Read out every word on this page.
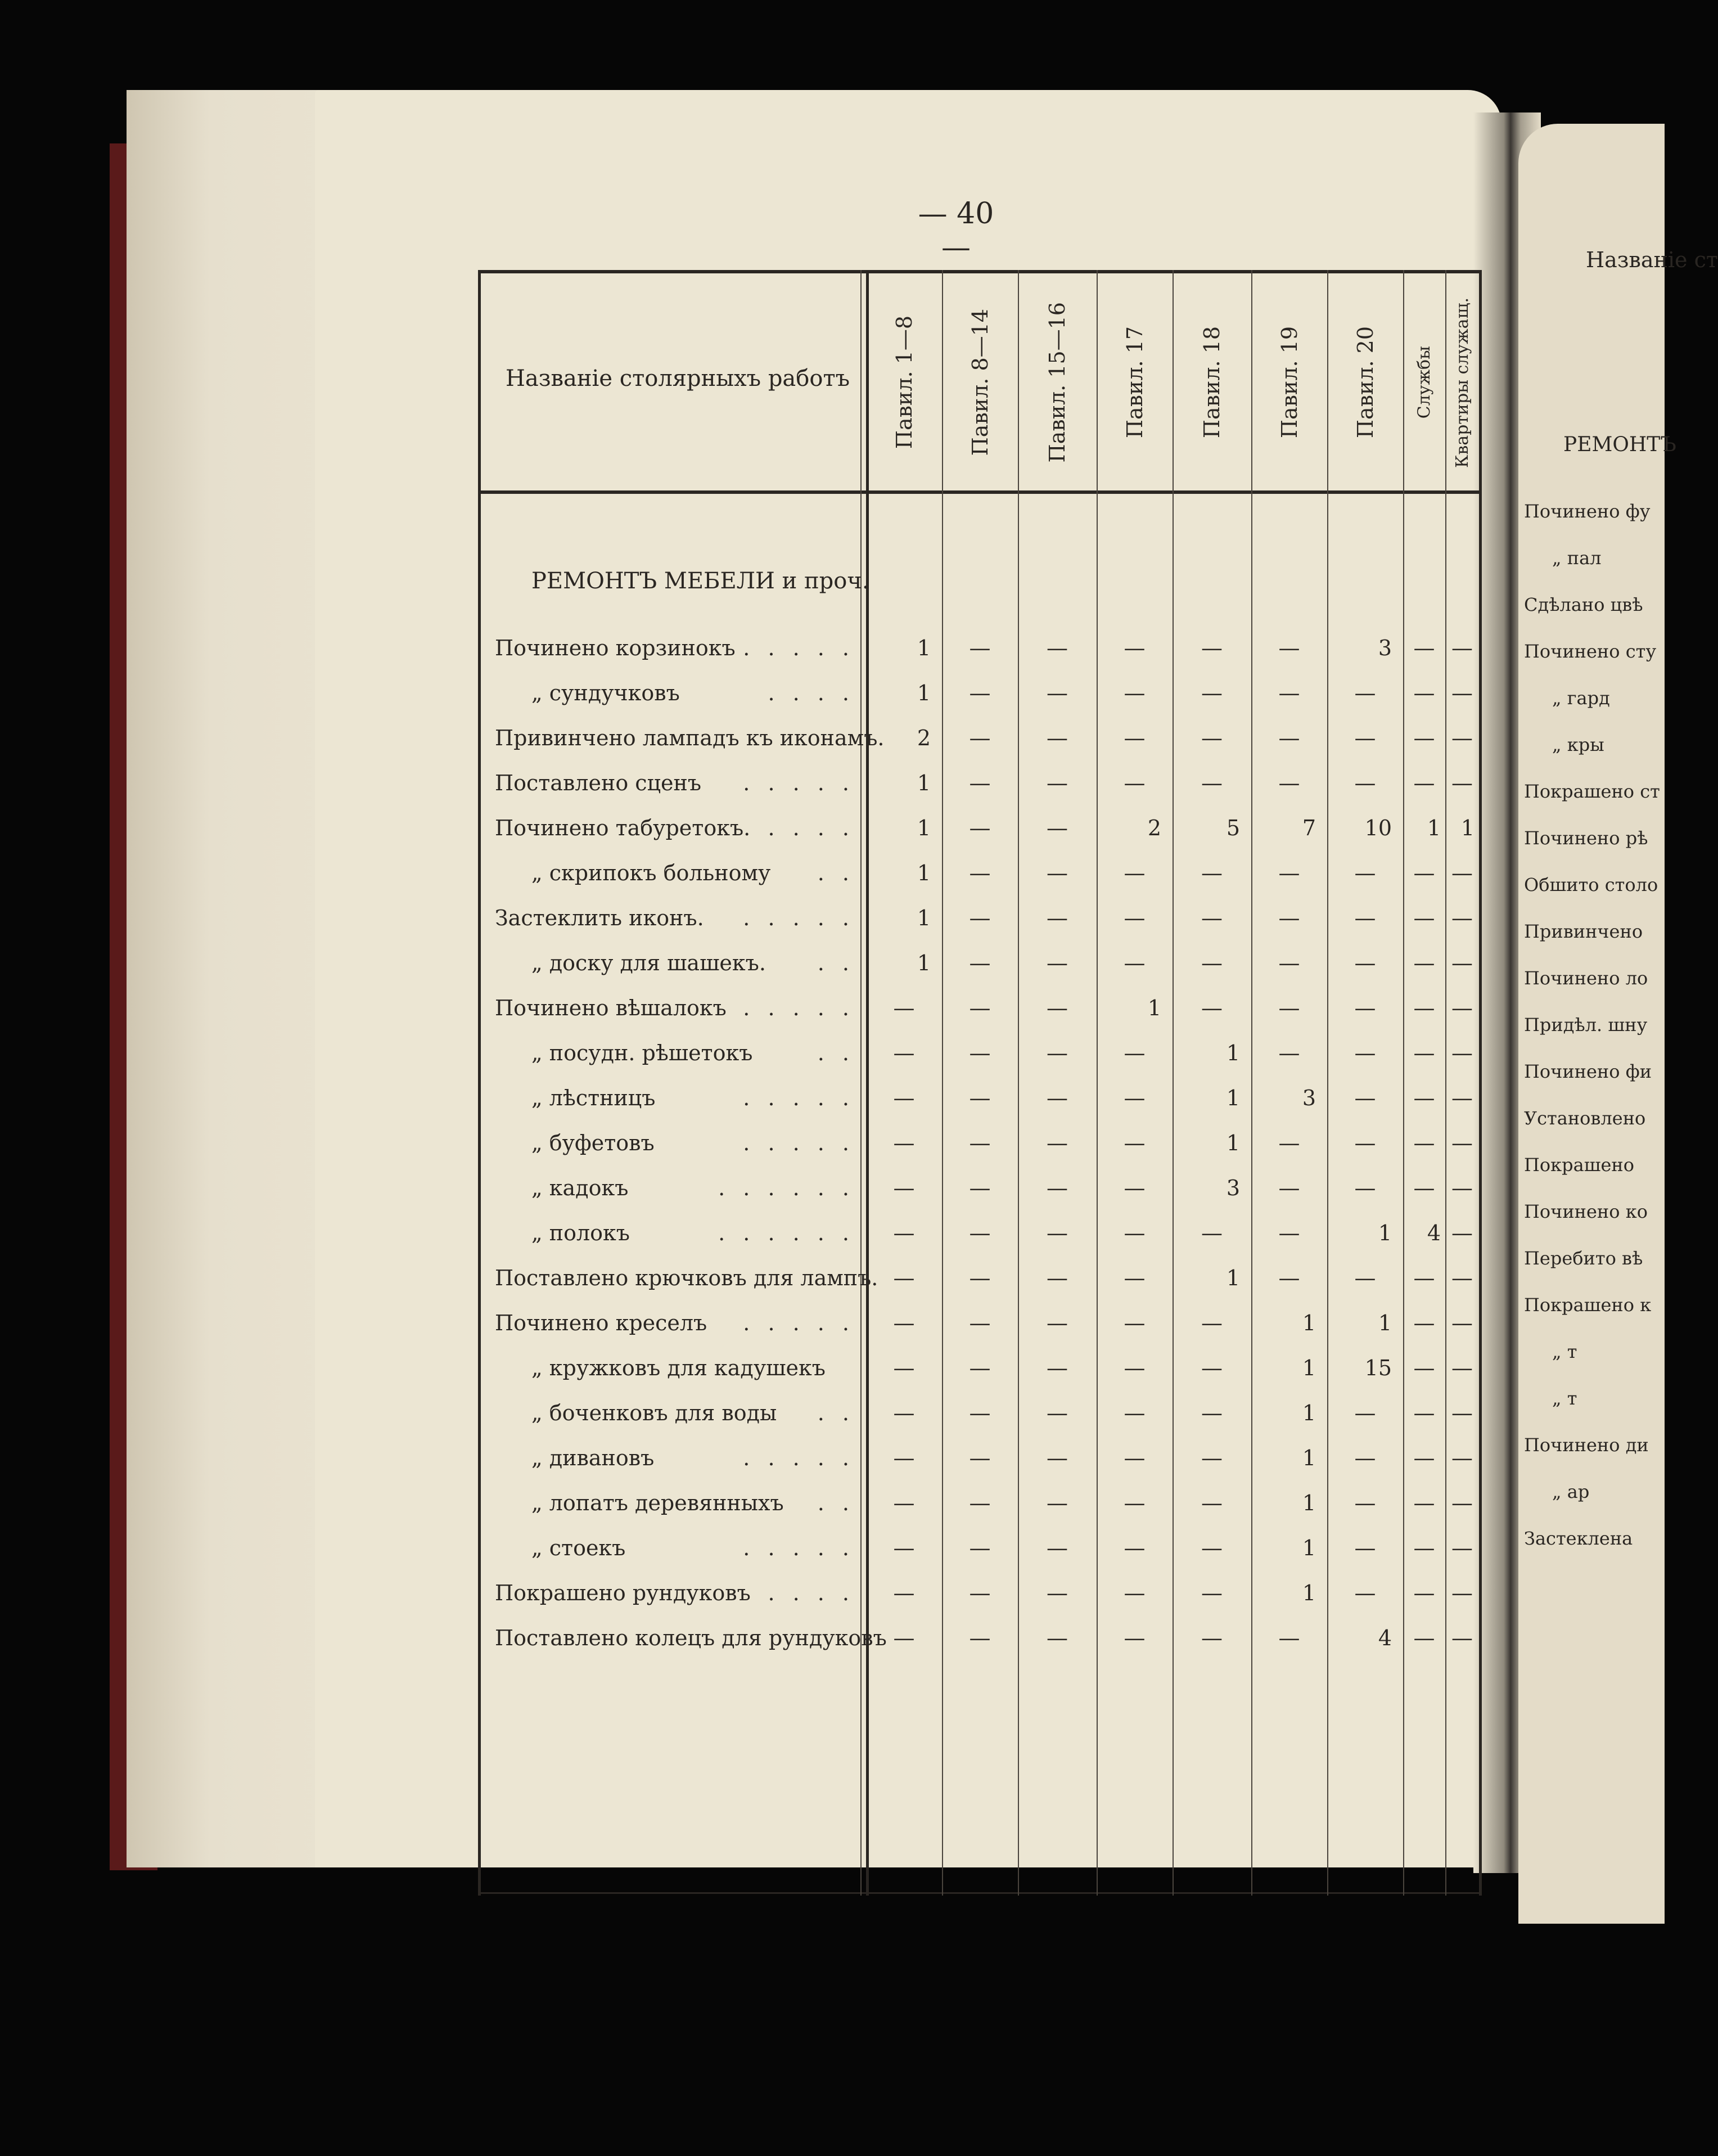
Названіе ст
РЕМОНТЪ
Починено фу
„ пал
Сдѣлано цвѣ
Починено сту
„ гард
„ кры
Покрашено ст
Починено рѣ
Обшито столо
Привинчено
Починено ло
Придѣл. шну
Починено фи
Установлено
Покрашено
Починено ко
Перебито вѣ
Покрашено к
„ т
„ т
Починено ди
„ ар
Застеклена
— 40 —
Названіе столярныхъ работъ	Павил. 1—8 Павил. 8—14 Павил. 15—16 Павил. 17 Павил. 18 Павил. 19 Павил. 20 Службы Квартиры служащ.
РЕМОНТЪ МЕБЕЛИ и проч.
Починено корзинокъ . . . . .	1	—	—	—	—	—	3	— —
„ сундучковъ	. . . .	1	—	—	—	—	—	—	— —
Привинчено лампадъ къ иконамъ.	2	—	—	—	—	—	—	— —
Поставлено сценъ . . . . .	1	—	—	—	—	—	—	— —
Починено табуретокъ. . . . .	1	—	—	2	5	7	10	1 1
„ скрипокъ больному . .	1	—	—	—	—	—	—	— —
Застеклить иконъ. . . . . .	1	—	—	—	—	—	—	— —
„ доску для шашекъ. . .	1	—	—	—	—	—	—	— —
Починено вѣшалокъ . . . . .	—	—	—	1	—	—	—	— —
„ посудн. рѣшетокъ	. .	—	—	—	—	1	—	—	— —
„ лѣстницъ	. . . . .	—	—	—	—	1	3	—	— —
„ буфетовъ	. . . . .	—	—	—	—	1	—	—	— —
„ кадокъ	. . . . . .	—	—	—	—	3	—	—	— —
„ полокъ	. . . . . .	—	—	—	—	—	—	1	4 —
Поставлено крючковъ для лампъ. —	—	—	—	1	—	—	— —
Починено креселъ . . . . .	—	—	—	—	—	1	1	— —
„ кружковъ для кадушекъ	—	—	—	—	—	1	15	— —
„ боченковъ для воды . .	—	—	—	—	—	1	—	— —
„ дивановъ	. . . . .	—	—	—	—	—	1	—	— —
„ лопатъ деревянныхъ . .	—	—	—	—	—	1	—	— —
„ стоекъ	. . . . .	—	—	—	—	—	1	—	— —
Покрашено рундуковъ . . . .	—	—	—	—	—	1	—	— —
Поставлено колецъ для рундуковъ —	—	—	—	—	—	4	— —
